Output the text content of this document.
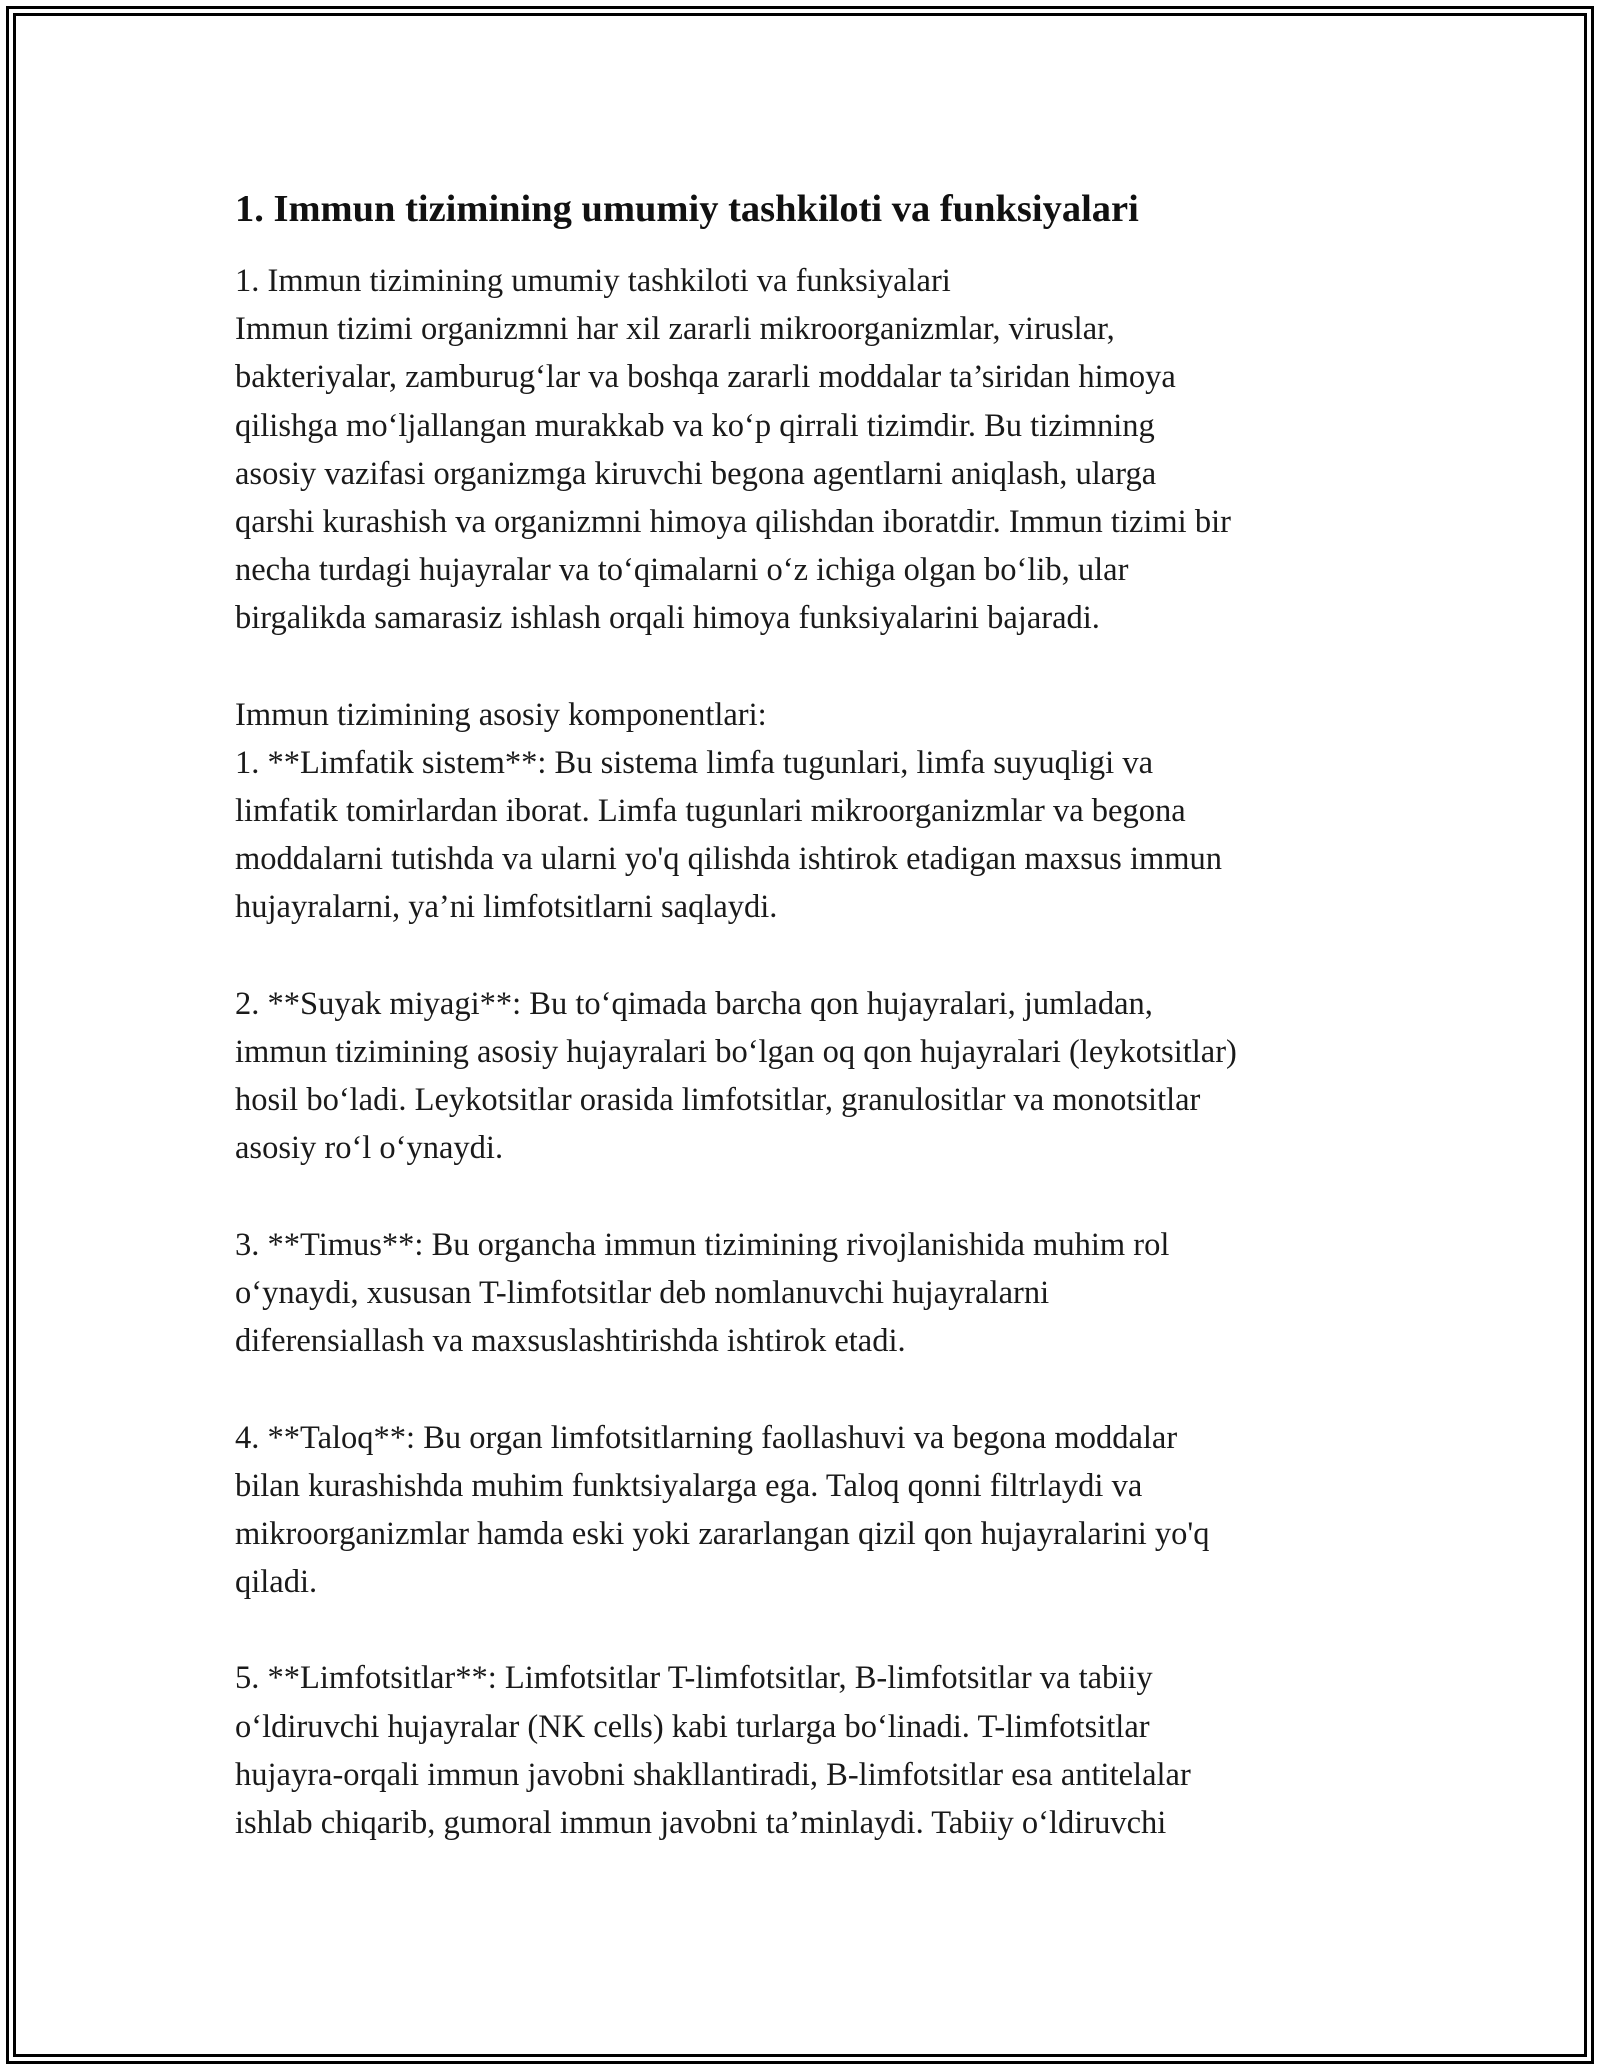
1. Immun tizimining umumiy tashkiloti va funksiyalari
1. Immun tizimining umumiy tashkiloti va funksiyalari
Immun tizimi organizmni har xil zararli mikroorganizmlar, viruslar,
bakteriyalar, zamburug‘lar va boshqa zararli moddalar ta’siridan himoya
qilishga mo‘ljallangan murakkab va ko‘p qirrali tizimdir. Bu tizimning
asosiy vazifasi organizmga kiruvchi begona agentlarni aniqlash, ularga
qarshi kurashish va organizmni himoya qilishdan iboratdir. Immun tizimi bir
necha turdagi hujayralar va to‘qimalarni o‘z ichiga olgan bo‘lib, ular
birgalikda samarasiz ishlash orqali himoya funksiyalarini bajaradi.
Immun tizimining asosiy komponentlari:
1. **Limfatik sistem**: Bu sistema limfa tugunlari, limfa suyuqligi va
limfatik tomirlardan iborat. Limfa tugunlari mikroorganizmlar va begona
moddalarni tutishda va ularni yo'q qilishda ishtirok etadigan maxsus immun
hujayralarni, ya’ni limfotsitlarni saqlaydi.
2. **Suyak miyagi**: Bu to‘qimada barcha qon hujayralari, jumladan,
immun tizimining asosiy hujayralari bo‘lgan oq qon hujayralari (leykotsitlar)
hosil bo‘ladi. Leykotsitlar orasida limfotsitlar, granulositlar va monotsitlar
asosiy ro‘l o‘ynaydi.
3. **Timus**: Bu organcha immun tizimining rivojlanishida muhim rol
o‘ynaydi, xususan T-limfotsitlar deb nomlanuvchi hujayralarni
diferensiallash va maxsuslashtirishda ishtirok etadi.
4. **Taloq**: Bu organ limfotsitlarning faollashuvi va begona moddalar
bilan kurashishda muhim funktsiyalarga ega. Taloq qonni filtrlaydi va
mikroorganizmlar hamda eski yoki zararlangan qizil qon hujayralarini yo'q
qiladi.
5. **Limfotsitlar**: Limfotsitlar T-limfotsitlar, B-limfotsitlar va tabiiy
o‘ldiruvchi hujayralar (NK cells) kabi turlarga bo‘linadi. T-limfotsitlar
hujayra-orqali immun javobni shakllantiradi, B-limfotsitlar esa antitelalar
ishlab chiqarib, gumoral immun javobni ta’minlaydi. Tabiiy o‘ldiruvchi
